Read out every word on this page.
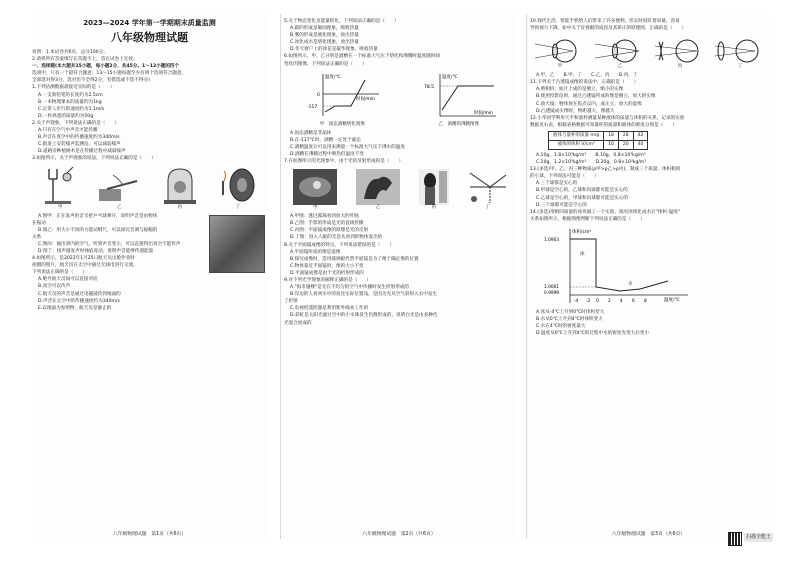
2023—2024 学年第一学期期末质量监测
八年级物理试题
说明：1.本试卷共6页，总分100分。
2.请将所有答案填写在答题卡上，答在试卷上无效。
一、选择题(本大题共15小题，每小题2分，共45分。1～12小题的四个
选项中，只有一个最符合题意；13～15小题每题至少有两个选项符合题意，
全部选对得3分，选对但不全得2分，有错选或不选不得分)
1.下列估测数据最接近实际的是（　　）
A.一支新铅笔的长度约为2.5cm
B.一本物理课本的质量约为1kg
C.正常人步行的速度约为1.1m/s
D.一枚鸡蛋的质量约为50g
2.关于声现象，下列说法正确的是（　　）
A.只有在空气中声音才能传播
B.声音在真空中的传播速度约为340m/s
C.街道上安装噪声监测仪，可以减弱噪声
D.道路旁种植树木是在传播过程中减弱噪声
3.如图所示，关于声现象的说法，下列说法正确的是（　　）
甲	乙	丙	丁
A.图甲：正在发声的音叉把乒乓球弹开，说明声音是由物体
在振动
B.图乙：用大小不同的力拨动钢尺，可以探究音调与振幅的
关系
C.图丙：抽出罩内的空气，听到声音变小，可以直接得出真空不能传声
D.图丁：扬声器发声时烛焰晃动，说明声音能够传递能量
4.如图所示，是2022年1月25日航天员出舱作业时
拍摄的照片，航天员在太空中通过无线电进行交流，
下列说法正确的是（　　）
A.舱外航天员间可以直接对话
B.真空可以传声
C.航天员的声音是通过电磁波传到地面的
D.声音在太空中的传播速度约为340m/s
E.以地面为参照物，航天员是静止的
八年级物理试题　第1页（共6页）
5.关于物态变化及能量转化，下列说法正确的是（　　）
A.霜的形成是凝固现象，吸收热量
B.雾的形成是液化现象，放出热量
C.冰化成水是熔化现象，放出热量
D.冬天窗户上的冰花是凝华现象，吸收热量
6.如图所示，甲、乙分别是酒精在一个标准大气压下熔化和沸腾时温度随时间
变化的图像，下列说法正确的是（　　）
温度/℃
时间/min
-117
0
甲　固态酒精熔化图像
温度/℃
时间/min
78.5
乙　酒精的沸腾图像
A.固态酒精是非晶体
B.在-117℃时，酒精一定处于液态
C.酒精温度计可以用来测量一个标准大气压下沸水的温度
D.酒精在沸腾过程中吸热但温度不变
7.在如图所示的光现象中，由于光的反射形成的是（　　）
甲	乙	丙	丁
A.甲图：透过露珠看到放大的叶脉
B.乙图：手影的形成是光的直线传播
C.丙图：平面镜成像的原理是光的反射
D.丁图：进入人眼的光是从看到的物体发出的
8.关于平面镜成像的特点，下列说法错误的是（　　）
A.平面镜所成的像是虚像
B.探究成像时，选用玻璃板代替平面镜是为了便于确定像的位置
C.物体靠近平面镜时，像的大小不变
D.平面镜成像是由于光的折射形成的
9.对下列光学现象的解释正确的是（　　）
A."海市蜃楼"是光在不均匀的空气中传播时发生折射形成的
B.岸边的人看到水中的鱼比实际位置浅，是因为光从空气斜射入水中发生
了折射
C.电视机遥控器是利用紫外线来工作的
D.彩虹是太阳光通过空中的小水珠发生色散形成的，说明白光是由多种色
光混合而成的
八年级物理试题　第2页（共6页）
10.现代生活，智能手机给人们带来了许多便利，但长时间盯着屏幕，容易
导致视力下降。如中关于近视眼的成因及其矫正的原理图，正确的是（　　）
甲	乙	丙	丁
A.甲、乙　　B.甲、丁　　C.乙、丙　　D.丙、丁
11.下列关于凸透镜成像的说法中，正确的是（　　）
A.照相机：底片上成的是倒立、缩小的实像
B.使用投影仪时，通过凸透镜所成的像是倒立、放大的实像
C.放大镜：物体放在焦点以内，成正立、放大的虚像
D.凸透镜成实像时，物距越大，像越大
12.小华同学利用天平和量杯测量某种液体的质量与体积的关系，记录的实验
数据见右表，根据表格数据可知量杯的质量和液体的密度分别是（　　）
液体与量杯的质量 m/g	18	28	42
液体的体积 V/cm³	10	20	40
A.10g，1.8×10³kg/m³　　B.10g，0.8×10³kg/m³
C.20g，1.2×10³kg/m³　　D.20g，0.8×10³kg/m³
13.(多选)甲、乙、丙三种物质(ρ甲>ρ乙>ρ丙)，制成三个质量、体积相同
的小球，下列说法可能是（　　）
A.三个球都是实心的
B.甲球是空心的，乙球和丙球都可能是实心的
C.乙球是空心的，甲球和丙球都可能是实心的
D.三个球都可能是空心的
14.(多选)用相同质量的冰块做了一个实验，探究冰熔化成水后"体积-温度"
关系如图所示，根据图像判断下列说法正确的是（　　）
体积/cm³
温度/℃
1.0903
1.0001
0.9999
-4 -2 0 2 4 6 8
冰
水
A.冰从-4℃上升到0℃时体积变大
B.水从0℃上升到4℃时体积变大
C.水在4℃时的密度最大
D.温度从0℃上升到4℃的过程中水的密度先变大后变小
八年级物理试题　第3页（共6页）	扫描全能王
